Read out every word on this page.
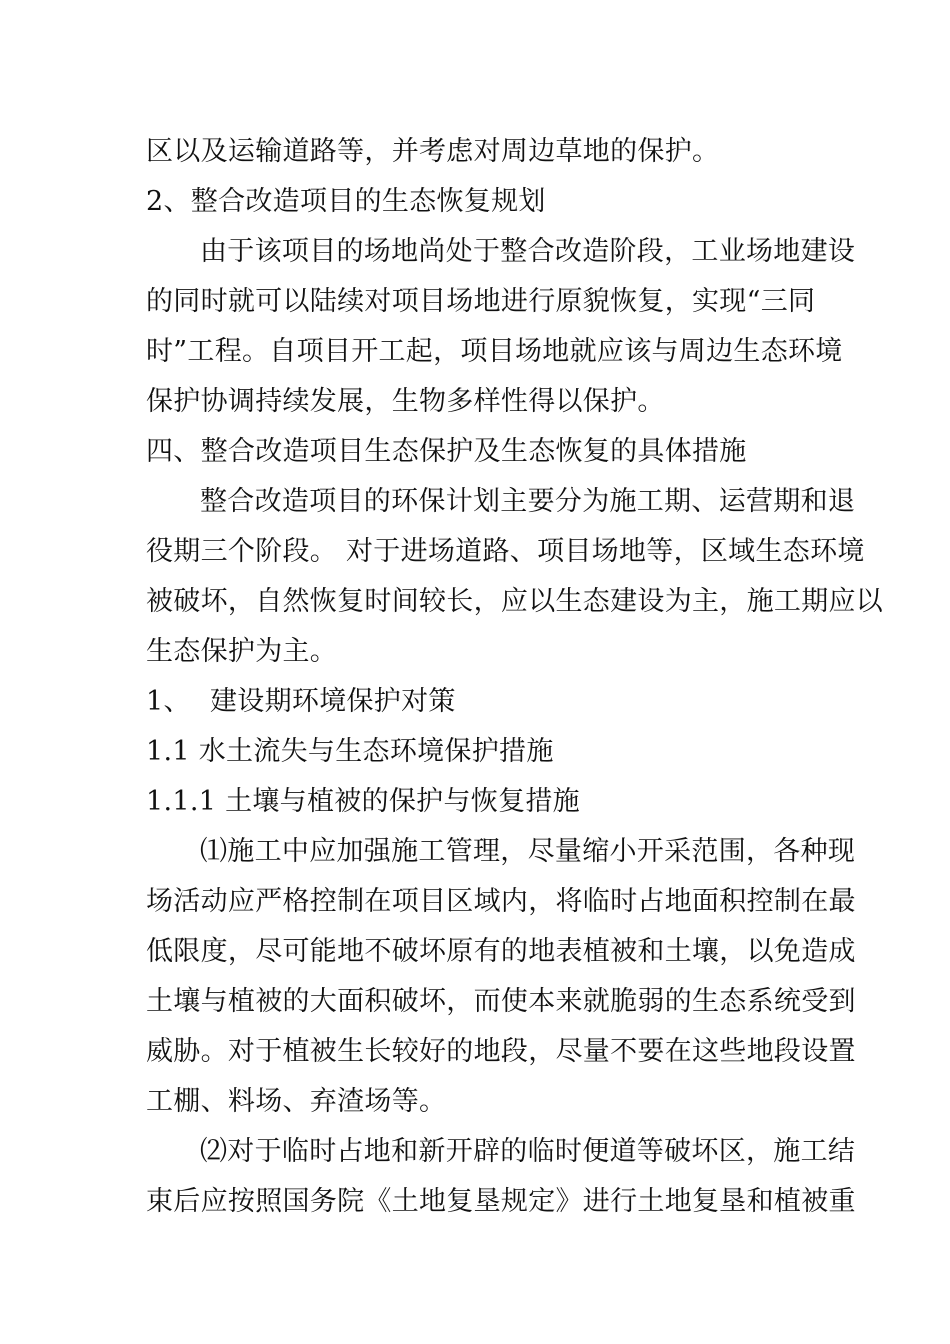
区以及运输道路等，并考虑对周边草地的保护。
2、整合改造项目的生态恢复规划
由于该项目的场地尚处于整合改造阶段，工业场地建设
的同时就可以陆续对项目场地进行原貌恢复，实现“三同
时”工程。自项目开工起，项目场地就应该与周边生态环境
保护协调持续发展，生物多样性得以保护。
四、整合改造项目生态保护及生态恢复的具体措施
整合改造项目的环保计划主要分为施工期、运营期和退
役期三个阶段。 对于进场道路、项目场地等，区域生态环境
被破坏，自然恢复时间较长，应以生态建设为主，施工期应以
生态保护为主。
1、 建设期环境保护对策
1.1 水土流失与生态环境保护措施
1.1.1 土壤与植被的保护与恢复措施
⑴施工中应加强施工管理，尽量缩小开采范围，各种现
场活动应严格控制在项目区域内，将临时占地面积控制在最
低限度，尽可能地不破坏原有的地表植被和土壤，以免造成
土壤与植被的大面积破坏，而使本来就脆弱的生态系统受到
威胁。对于植被生长较好的地段，尽量不要在这些地段设置
工棚、料场、弃渣场等。
⑵对于临时占地和新开辟的临时便道等破坏区，施工结
束后应按照国务院《土地复垦规定》进行土地复垦和植被重
